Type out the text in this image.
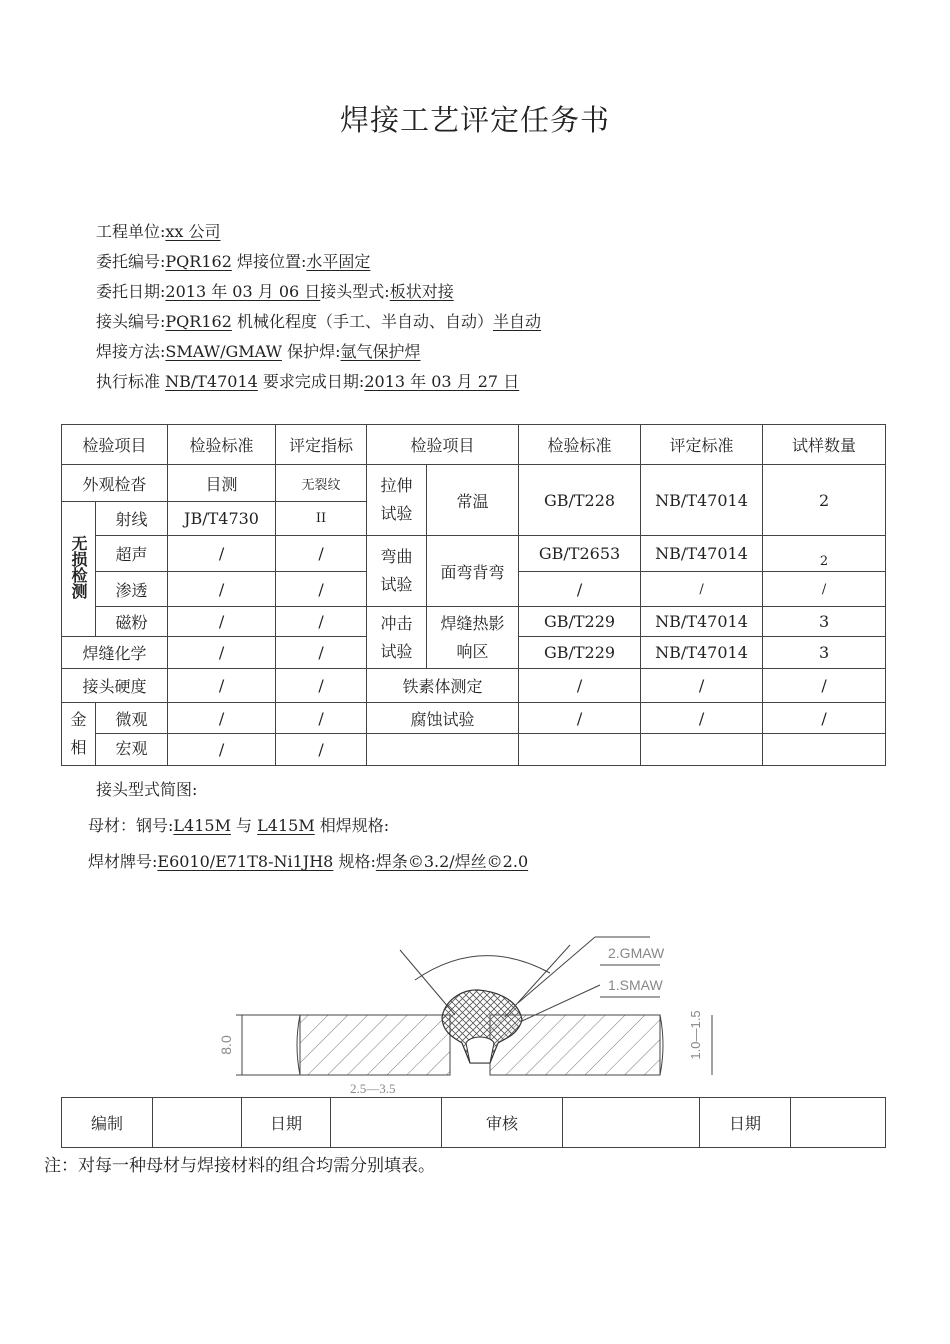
焊接工艺评定任务书
工程单位:xx 公司
委托编号:PQR162 焊接位置:水平固定
委托日期:2013 年 03 月 06 日接头型式:板状对接
接头编号:PQR162 机械化程度（手工、半自动、自动）半自动
焊接方法:SMAW/GMAW 保护焊:氩气保护焊
执行标准 NB/T47014 要求完成日期:2013 年 03 月 27 日
检验项目		检验标准	评定指标	检验项目		检验标准	评定标准	试样数量
外观检沓		目测	无裂纹	拉伸试验	常温	GB/T228	NB/T47014	2
无损检测	射线	JB/T4730	II					
	超声	/	/	弯曲试验	面弯背弯	GB/T2653	NB/T47014	2
	渗透	/	/			/	/	/
	磁粉	/	/	冲击试验	焊缝热影响区	GB/T229	NB/T47014	3
焊缝化学		/	/			GB/T229	NB/T47014	3
接头硬度		/	/	铁素体测定		/	/	/
金相	微观	/	/	腐蚀试验		/	/	/
	宏观	/	/					
接头型式简图:
母材：钢号:L415M 与 L415M 相焊规格:
焊材牌号:E6010/E71T8-Ni1JH8 规格:焊条©3.2/焊丝©2.0
2.GMAW
1.SMAW
8.0	1.0—1.5
2.5—3.5
编制		日期		审核		日期	
注：对每一种母材与焊接材料的组合均需分别填表。
